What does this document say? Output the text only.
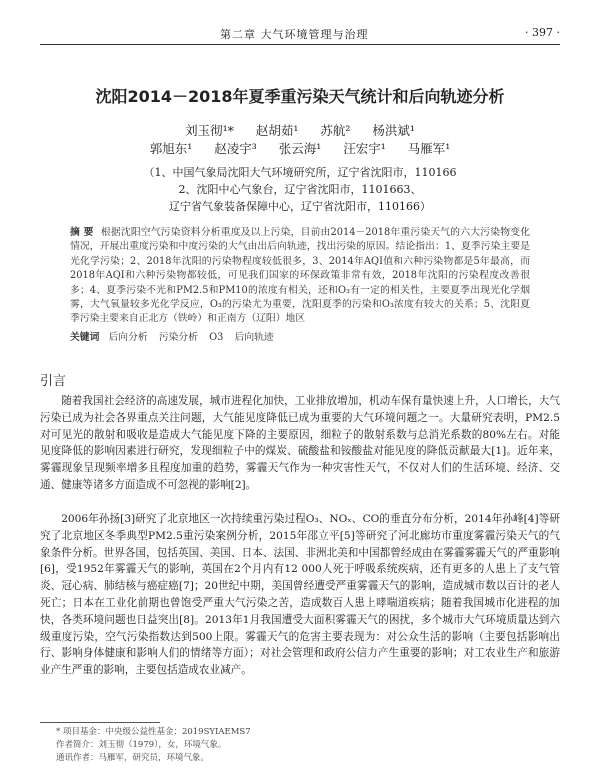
第二章 大气环境管理与治理	· 397 ·
沈阳2014－2018年夏季重污染天气统计和后向轨迹分析
刘玉彻¹* 赵胡茹¹ 苏航² 杨洪斌¹
郭旭东¹ 赵凌宇³ 张云海¹ 汪宏宇¹ 马雁军¹
（1、中国气象局沈阳大气环境研究所，辽宁省沈阳市，110166
2、沈阳中心气象台，辽宁省沈阳市，1101663、
辽宁省气象装备保障中心，辽宁省沈阳市，110166）
摘 要 根据沈阳空气污染资料分析重度及以上污染，目前由2014－2018年重污染天气的六大污染物变化情况，开展出重度污染和中度污染的大气由出后向轨迹，找出污染的原因。结论指出：1、夏季污染主要是光化学污染；2、2018年沈阳的污染物程度较低很多，3、2014年AQI值和六种污染物都是5年最高，而2018年AQI和六种污染物都较低，可见我们国家的环保政策非常有效，2018年沈阳的污染程度改善很多；4、夏季污染不光和PM2.5和PM10的浓度有相关，还和O₃有一定的相关性，主要夏季出现光化学烟雾，大气氧量较多光化学反应，O₃的污染尤为重要，沈阳夏季的污染和O₃浓度有较大的关系；5、沈阳夏季污染主要来自正北方（铁岭）和正南方（辽阳）地区
关键词 后向分析 污染分析 O3 后向轨迹
引言

随着我国社会经济的高速发展，城市进程化加快，工业排放增加，机动车保有量快速上升，人口增长，大气污染已成为社会各界重点关注问题，大气能见度降低已成为重要的大气环境问题之一。大量研究表明，PM2.5对可见光的散射和吸收是造成大气能见度下降的主要原因，细粒子的散射系数与总消光系数的80%左右。对能见度降低的影响因素进行研究，发现细粒子中的煤炭、硫酸盐和铵酸盐对能见度的降低贡献最大[1]。近年来，雾霾现象呈现频率增多且程度加重的趋势，雾霾天气作为一种灾害性天气，不仅对人们的生活环境、经济、交通、健康等诸多方面造成不可忽视的影响[2]。

2006年孙扬[3]研究了北京地区一次持续重污染过程O₃、NOₓ、CO的垂直分布分析，2014年孙峰[4]等研究了北京地区冬季典型PM2.5重污染案例分析，2015年邵立平[5]等研究了河北廊坊市重度雾霾污染天气的气象条件分析。世界各国，包括英国、美国、日本、法国、非洲北美和中国都曾经成由在雾霾雾霾天气的严重影响[6]，受1952年雾霾天气的影响，英国在2个月内有12 000人死于呼吸系统疾病，还有更多的人患上了支气管炎、冠心病、肺结核与癌症癌[7]；20世纪中期，美国曾经遭受严重雾霾天气的影响，造成城市数以百计的老人死亡；日本在工业化前期也曾饱受严重大气污染之苦，造成数百人患上哮喘道疾病；随着我国城市化进程的加快，各类环境问题也日益突出[8]。2013年1月我国遭受大面积雾霾天气的困扰，多个城市大气环境质量达到六级重度污染，空气污染指数达到500上限。雾霾天气的危害主要表现为：对公众生活的影响（主要包括影响出行、影响身体健康和影响人们的情绪等方面）；对社会管理和政府公信力产生重要的影响；对工农业生产和旅游业产生严重的影响，主要包括造成农业减产。

* 项目基金：中央级公益性基金：2019SYIAEMS7
作者简介：刘玉彻（1979），女，环境气象。
通讯作者：马雁军，研究员，环境气象。
